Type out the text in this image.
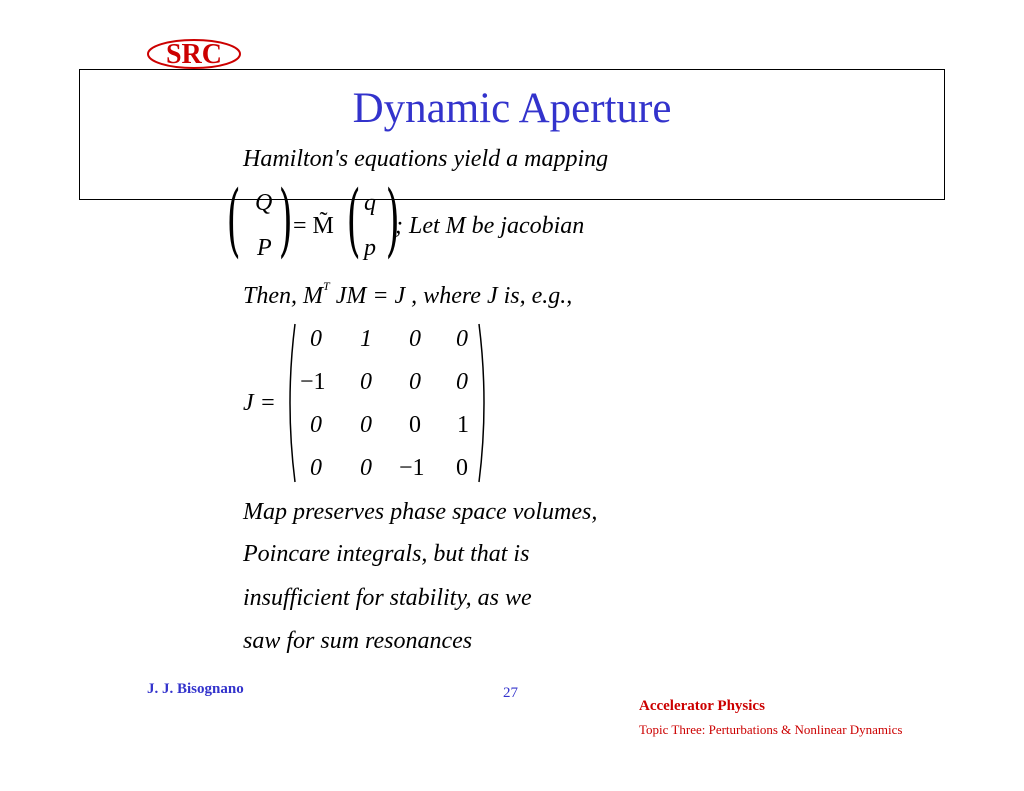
SRC
Dynamic Aperture
Hamilton's equations yield a mapping
( Q
P ) = M̃ ( q
p )
; Let M be jacobian
Then, $M^T$ JM = J , where J is, e.g.,
J =
0 1 0 0
−1 0 0 0
0 0 0 1
0 0 −1 0
Map preserves phase space volumes,
Poincare integrals, but that is
insufficient for stability, as we
saw for sum resonances
J. J. Bisognano	27
Accelerator Physics
Topic Three: Perturbations & Nonlinear Dynamics
